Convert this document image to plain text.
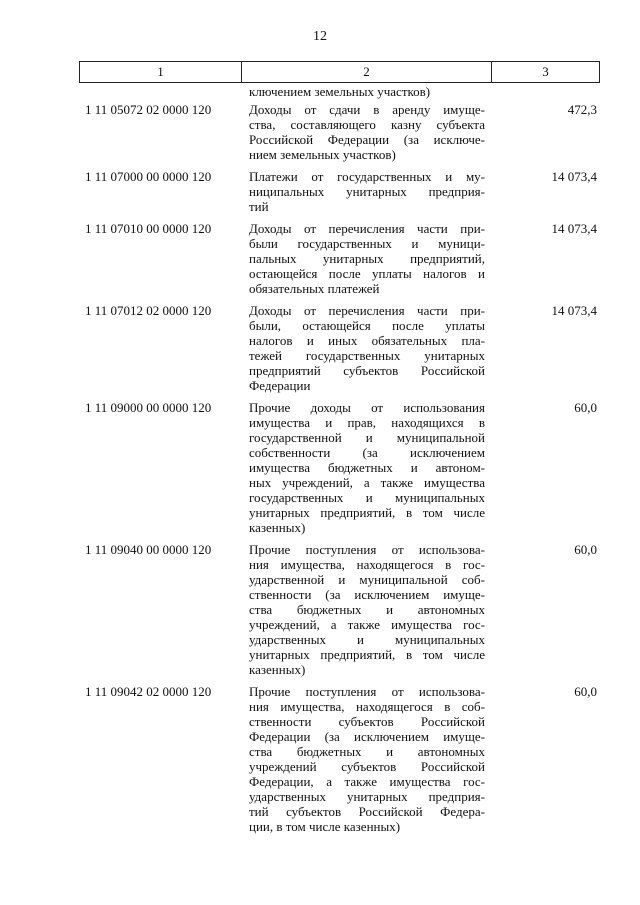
12
1	2	3
ключением земельных участков)
1 11 05072 02 0000 120	Доходы от сдачи в аренду имуще-
ства, составляющего казну субъекта
Российской Федерации (за исключе-
нием земельных участков)
472,3
1 11 07000 00 0000 120	Платежи от государственных и му-
ниципальных унитарных предприя-
тий
14 073,4
1 11 07010 00 0000 120	Доходы от перечисления части при-
были государственных и муници-
пальных унитарных предприятий,
остающейся после уплаты налогов и
обязательных платежей
14 073,4
1 11 07012 02 0000 120	Доходы от перечисления части при-
были, остающейся после уплаты
налогов и иных обязательных пла-
тежей государственных унитарных
предприятий субъектов Российской
Федерации
14 073,4
1 11 09000 00 0000 120	Прочие доходы от использования
имущества и прав, находящихся в
государственной и муниципальной
собственности (за исключением
имущества бюджетных и автоном-
ных учреждений, а также имущества
государственных и муниципальных
унитарных предприятий, в том числе
казенных)
60,0
1 11 09040 00 0000 120	Прочие поступления от использова-
ния имущества, находящегося в гос-
ударственной и муниципальной соб-
ственности (за исключением имуще-
ства бюджетных и автономных
учреждений, а также имущества гос-
ударственных и муниципальных
унитарных предприятий, в том числе
казенных)
60,0
1 11 09042 02 0000 120	Прочие поступления от использова-
ния имущества, находящегося в соб-
ственности субъектов Российской
Федерации (за исключением имуще-
ства бюджетных и автономных
учреждений субъектов Российской
Федерации, а также имущества гос-
ударственных унитарных предприя-
тий субъектов Российской Федера-
ции, в том числе казенных)
60,0
